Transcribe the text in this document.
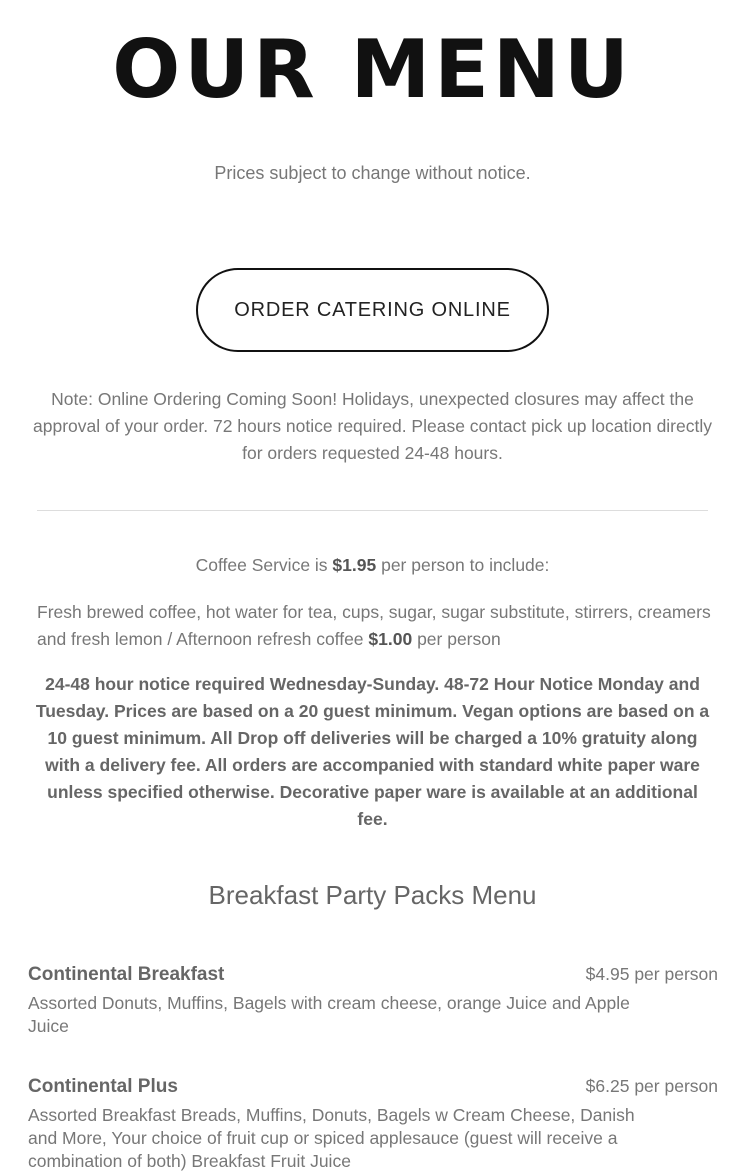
OUR MENU
Prices subject to change without notice.
ORDER CATERING ONLINE
Note: Online Ordering Coming Soon! Holidays, unexpected closures may affect the approval of your order. 72 hours notice required. Please contact pick up location directly for orders requested 24-48 hours.
Coffee Service is $1.95 per person to include:
Fresh brewed coffee, hot water for tea, cups, sugar, sugar substitute, stirrers, creamers and fresh lemon / Afternoon refresh coffee $1.00 per person
24-48 hour notice required Wednesday-Sunday. 48-72 Hour Notice Monday and Tuesday. Prices are based on a 20 guest minimum. Vegan options are based on a 10 guest minimum. All Drop off deliveries will be charged a 10% gratuity along with a delivery fee. All orders are accompanied with standard white paper ware unless specified otherwise. Decorative paper ware is available at an additional fee.
Breakfast Party Packs Menu
Continental Breakfast	$4.95 per person
Assorted Donuts, Muffins, Bagels with cream cheese, orange Juice and Apple Juice
Continental Plus	$6.25 per person
Assorted Breakfast Breads, Muffins, Donuts, Bagels w Cream Cheese, Danish and More, Your choice of fruit cup or spiced applesauce (guest will receive a combination of both) Breakfast Fruit Juice
